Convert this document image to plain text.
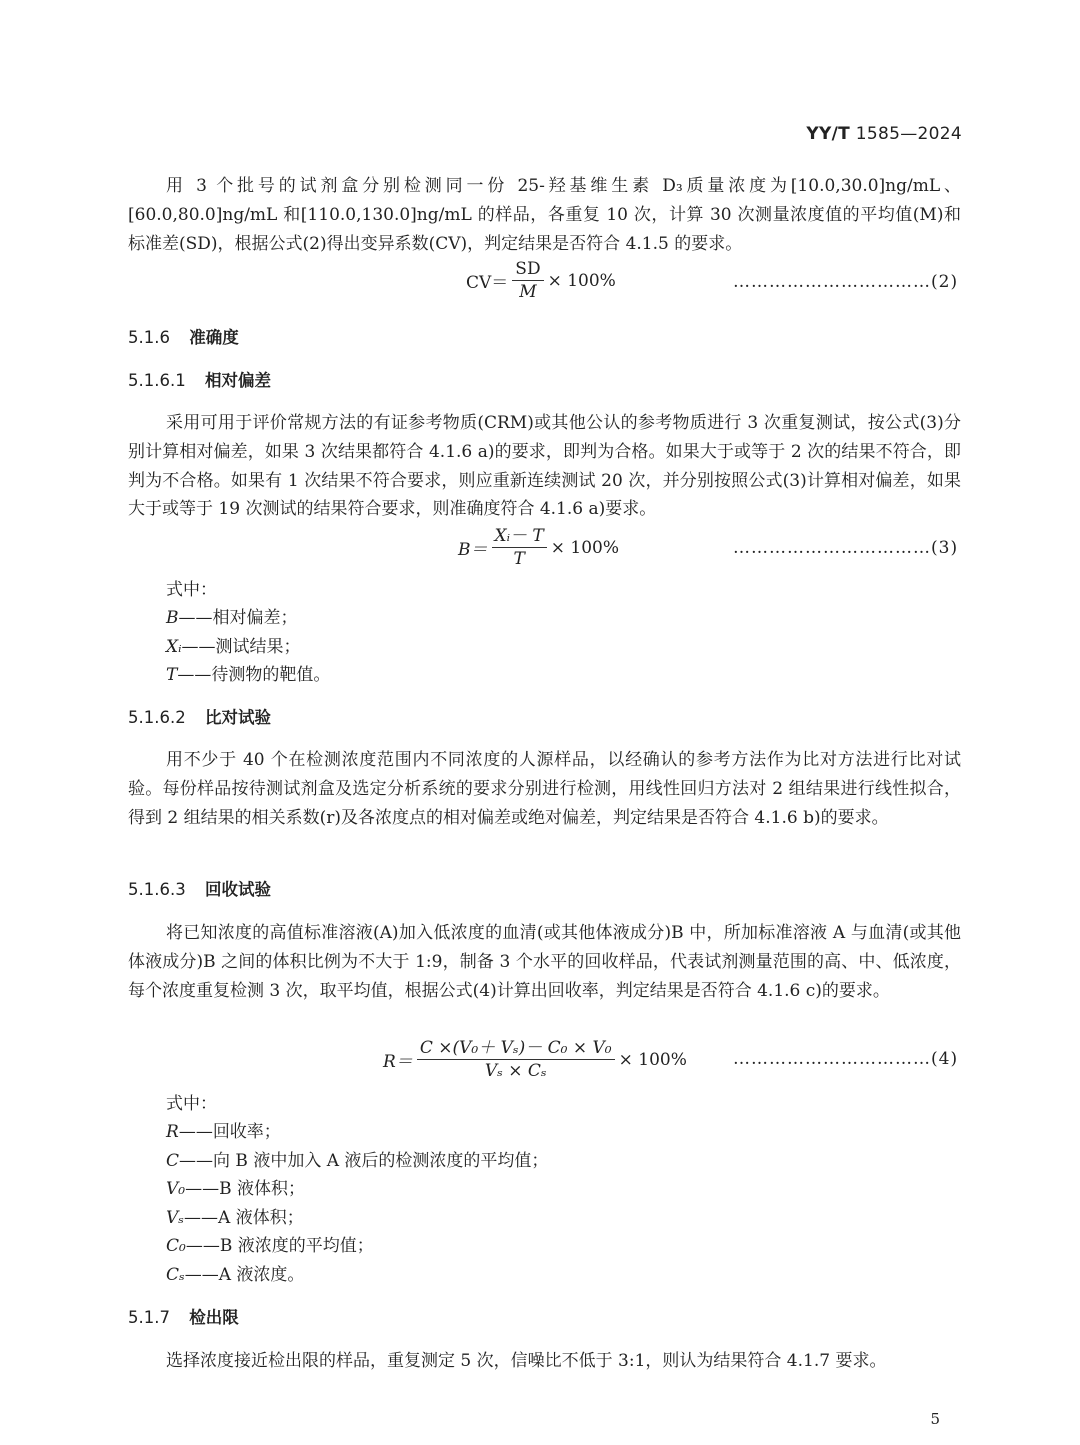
YY/T 1585—2024
用 3 个批号的试剂盒分别检测同一份 25-羟基维生素 D₃质量浓度为[10.0,30.0]ng/mL、[60.0,80.0]ng/mL 和[110.0,130.0]ng/mL 的样品，各重复 10 次，计算 30 次测量浓度值的平均值(M)和标准差(SD)，根据公式(2)得出变异系数(CV)，判定结果是否符合 4.1.5 的要求。
$CV= \frac{SD}{M} \times 100\%$	……………………………(2)
5.1.6 准确度
5.1.6.1 相对偏差
采用可用于评价常规方法的有证参考物质(CRM)或其他公认的参考物质进行 3 次重复测试，按公式(3)分别计算相对偏差，如果 3 次结果都符合 4.1.6 a)的要求，即判为合格。如果大于或等于 2 次的结果不符合，即判为不合格。如果有 1 次结果不符合要求，则应重新连续测试 20 次，并分别按照公式(3)计算相对偏差，如果大于或等于 19 次测试的结果符合要求，则准确度符合 4.1.6 a)要求。
$B= \frac{\text{Xᵢ－ T}}{T} \times 100\%$	……………………………(3)
式中：
B——相对偏差；
Xᵢ——测试结果；
T——待测物的靶值。
5.1.6.2 比对试验
用不少于 40 个在检测浓度范围内不同浓度的人源样品，以经确认的参考方法作为比对方法进行比对试验。每份样品按待测试剂盒及选定分析系统的要求分别进行检测，用线性回归方法对 2 组结果进行线性拟合，得到 2 组结果的相关系数(r)及各浓度点的相对偏差或绝对偏差，判定结果是否符合 4.1.6 b)的要求。
5.1.6.3 回收试验
将已知浓度的高值标准溶液(A)加入低浓度的血清(或其他体液成分)B 中，所加标准溶液 A 与血清(或其他体液成分)B 之间的体积比例为不大于 1:9，制备 3 个水平的回收样品，代表试剂测量范围的高、中、低浓度，每个浓度重复检测 3 次，取平均值，根据公式(4)计算出回收率，判定结果是否符合 4.1.6 c)的要求。
$R= \frac{\text{C ×(V₀＋ Vₛ)－ C₀ × V₀}}{\text{Vₛ × Cₛ}} \times 100\%$	……………………………(4)
式中：
R——回收率；
C——向 B 液中加入 A 液后的检测浓度的平均值；
V₀——B 液体积；
Vₛ——A 液体积；
C₀——B 液浓度的平均值；
Cₛ——A 液浓度。
5.1.7 检出限
选择浓度接近检出限的样品，重复测定 5 次，信噪比不低于 3:1，则认为结果符合 4.1.7 要求。
5
